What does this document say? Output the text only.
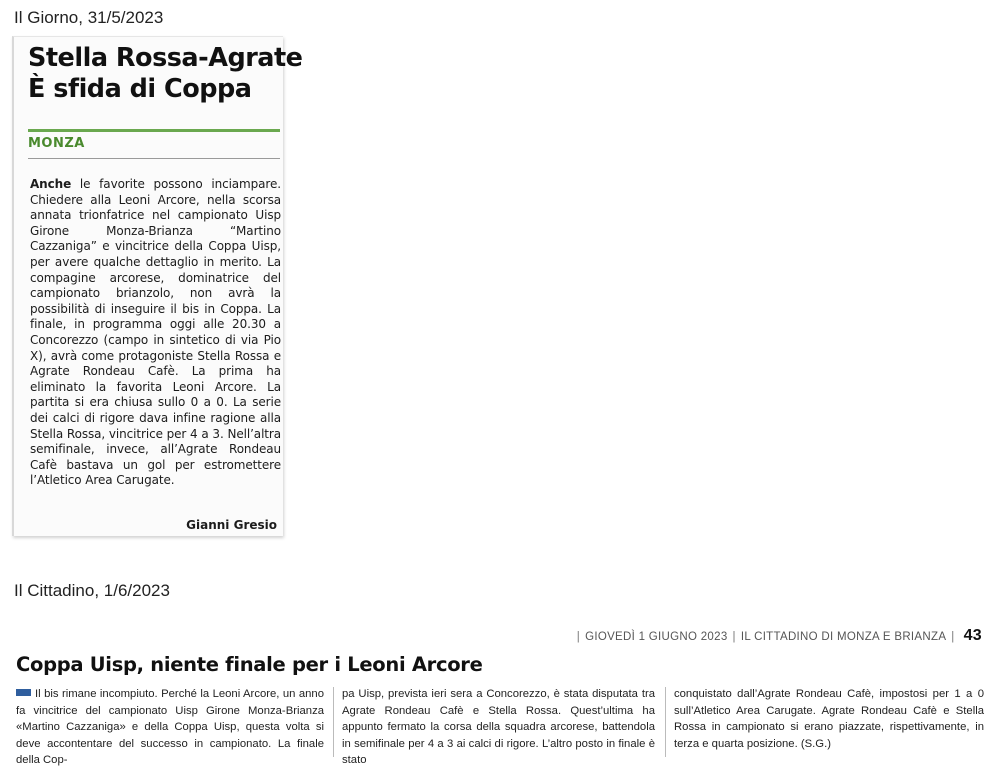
Il Giorno, 31/5/2023
Stella Rossa-Agrate
È sfida di Coppa
MONZA
Anche le favorite possono inciampare. Chiedere alla Leoni Arcore, nella scorsa annata trionfatrice nel campionato Uisp Girone Monza-Brianza “Martino Cazzaniga” e vincitrice della Coppa Uisp, per avere qualche dettaglio in merito. La compagine arcorese, dominatrice del campionato brianzolo, non avrà la possibilità di inseguire il bis in Coppa. La finale, in programma oggi alle 20.30 a Concorezzo (campo in sintetico di via Pio X), avrà come protagoniste Stella Rossa e Agrate Rondeau Cafè. La prima ha eliminato la favorita Leoni Arcore. La partita si era chiusa sullo 0 a 0. La serie dei calci di rigore dava infine ragione alla Stella Rossa, vincitrice per 4 a 3. Nell’altra semifinale, invece, all’Agrate Rondeau Cafè bastava un gol per estromettere l’Atletico Area Carugate.
Gianni Gresio
Il Cittadino, 1/6/2023
| GIOVEDÌ 1 GIUGNO 2023 | IL CITTADINO DI MONZA E BRIANZA | 43
Coppa Uisp, niente finale per i Leoni Arcore
Il bis rimane incompiuto. Perché la Leoni Arcore, un anno fa vincitrice del campionato Uisp Girone Monza-Brianza «Martino Cazzaniga» e della Coppa Uisp, questa volta si deve accontentare del successo in campionato. La finale della Cop-
pa Uisp, prevista ieri sera a Concorezzo, è stata disputata tra Agrate Rondeau Cafè e Stella Rossa. Quest’ultima ha appunto fermato la corsa della squadra arcorese, battendola in semifinale per 4 a 3 ai calci di rigore. L’altro posto in finale è stato
conquistato dall’Agrate Rondeau Cafè, impostosi per 1 a 0 sull’Atletico Area Carugate. Agrate Rondeau Cafè e Stella Rossa in campionato si erano piazzate, rispettivamente, in terza e quarta posizione. (S.G.)
